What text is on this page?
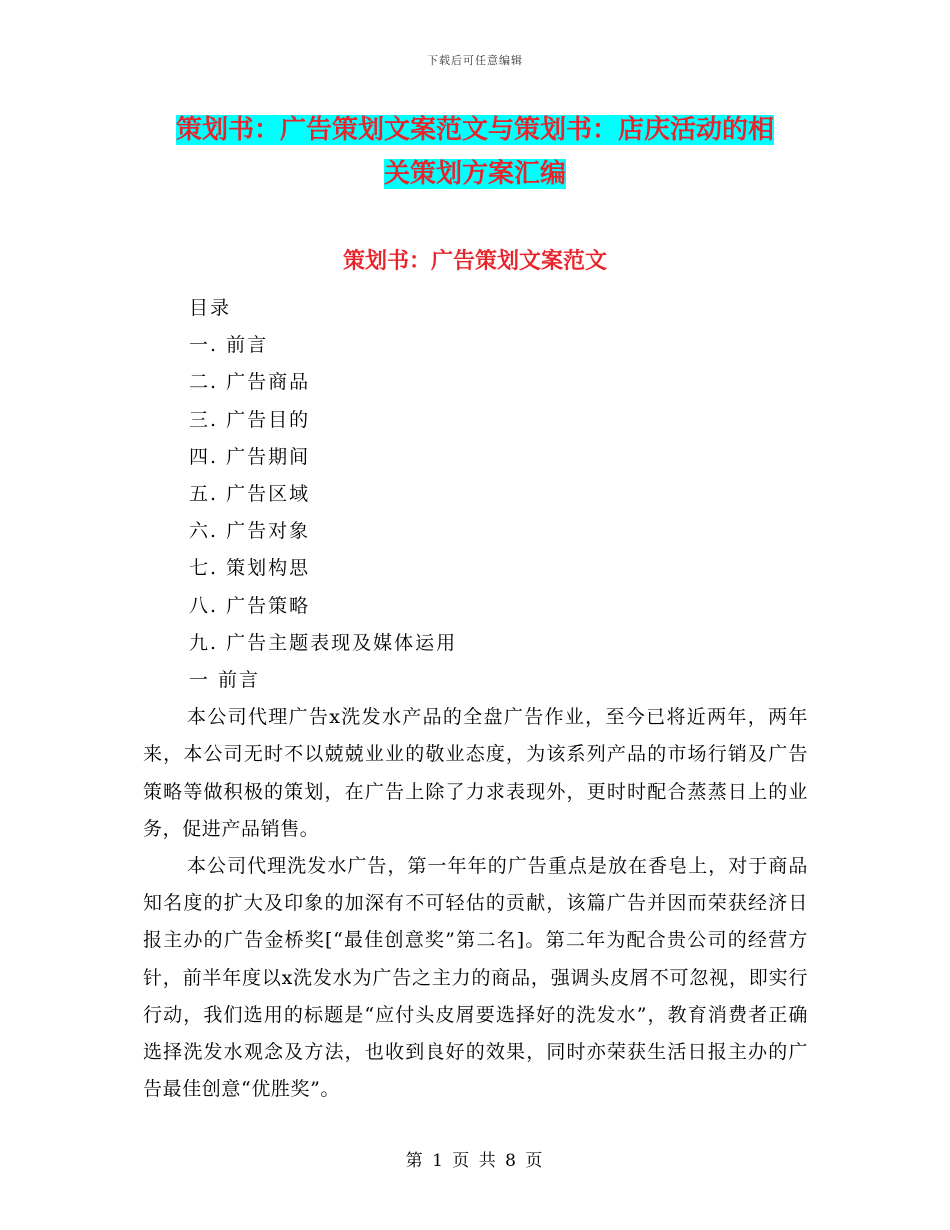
下载后可任意编辑
策划书：广告策划文案范文与策划书：店庆活动的相
关策划方案汇编
策划书：广告策划文案范文
目录
一. 前言
二. 广告商品
三. 广告目的
四. 广告期间
五. 广告区域
六. 广告对象
七. 策划构思
八. 广告策略
九. 广告主题表现及媒体运用
一 前言

本公司代理广告x洗发水产品的全盘广告作业，至今已将近两年，两年来，本公司无时不以兢兢业业的敬业态度，为该系列产品的市场行销及广告策略等做积极的策划，在广告上除了力求表现外，更时时配合蒸蒸日上的业务，促进产品销售。

本公司代理洗发水广告，第一年年的广告重点是放在香皂上，对于商品知名度的扩大及印象的加深有不可轻估的贡献，该篇广告并因而荣获经济日报主办的广告金桥奖[“最佳创意奖”第二名]。第二年为配合贵公司的经营方针，前半年度以x洗发水为广告之主力的商品，强调头皮屑不可忽视，即实行行动，我们选用的标题是“应付头皮屑要选择好的洗发水”，教育消费者正确选择洗发水观念及方法，也收到良好的效果，同时亦荣获生活日报主办的广告最佳创意“优胜奖”。

第 1 页 共 8 页
